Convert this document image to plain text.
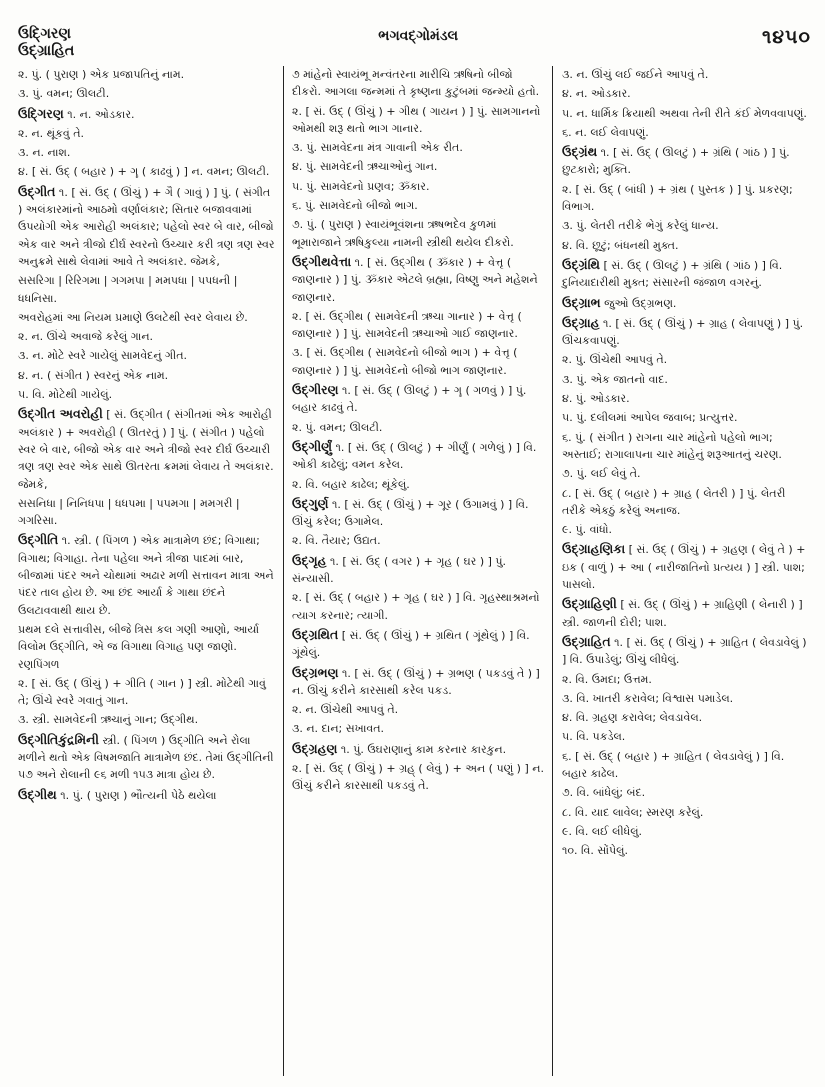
ઉદ્ગિરણ
ઉદ્ગ્રાહિત
ભગવદ્ગોમંડલ	૧૪૫૦

૨. પું. ( પુરાણ ) એક પ્રજાપતિનું નામ.

૩. પું. વમન; ઊલટી.

ઉદ્ગિરણ ૧. ન. ઓડકાર.

૨. ન. થૂંકવું તે.

૩. ન. નાશ.

૪. [ સં. ઉદ્ ( બહાર ) + ગૄ ( કાઢવું ) ] ન. વમન; ઊલટી.

ઉદ્ગીત ૧. [ સં. ઉદ્ ( ઊંચું ) + ગૈ ( ગાવું ) ] પું. ( સંગીત ) અલંકારમાંનો આઠમો વર્ણાલંકાર; સિતાર બજાવવામાં ઉપયોગી એક આરોહી અલંકાર; પહેલો સ્વર બે વાર, બીજો એક વાર અને ત્રીજો દીર્ઘ સ્વરનો ઉચ્ચાર કરી ત્રણ ત્રણ સ્વર અનુક્રમે સાથે લેવામાં આવે તે અલંકાર. જેમકે,

સસરિગા | રિરિગમા | ગગમપા | મમપધા | પપધની | ધધનિસા.

અવરોહમાં આ નિયમ પ્રમાણે ઉલટેથી સ્વર લેવાય છે.

૨. ન. ઊંચે અવાજે કરેલું ગાન.

૩. ન. મોટે સ્વરે ગાયેલું સામવેદનું ગીત.

૪. ન. ( સંગીત ) સ્વરનું એક નામ.

૫. વિ. મોટેથી ગાયેલું.

ઉદ્ગીત અવરોહી [ સં. ઉદ્ગીત ( સંગીતમાં એક આરોહી અલંકાર ) + અવરોહી ( ઊતરતું ) ] પું. ( સંગીત ) પહેલો સ્વર બે વાર, બીજો એક વાર અને ત્રીજો સ્વર દીર્ઘ ઉચ્ચારી ત્રણ ત્રણ સ્વર એક સાથે ઊતરતા ક્રમમાં લેવાય તે અલંકાર. જેમકે,

સસનિધા | નિનિધપા | ધધપમા | પપમગા | મમગરી | ગગરિસા.

ઉદ્ગીતિ ૧. સ્ત્રી. ( પિંગળ ) એક માત્રામેળ છંદ; વિગાથા; વિગાથ; વિગાહા. તેના પહેલા અને ત્રીજા પાદમાં બાર, બીજામાં પંદર અને ચોથામાં અઢાર મળી સત્તાવન માત્રા અને પંદર તાલ હોય છે. આ છંદ આર્યા કે ગાથા છંદને ઉલટાવવાથી થાય છે.

પ્રથમ દલે સત્તાવીસ, બીજે ત્રિસ કલ ગણી આણો, આર્યા વિલોમ ઉદ્ગીતિ, એ જ વિગાથા વિગાહ પણ જાણો. રણપિંગળ

૨. [ સં. ઉદ્ ( ઊંચું ) + ગીતિ ( ગાન ) ] સ્ત્રી. મોટેથી ગાવું તે; ઊંચે સ્વરે ગવાતું ગાન.

૩. સ્ત્રી. સામવેદની ઋચાનું ગાન; ઉદ્ગીથ.

ઉદ્ગીતિકુંદ્રમિની સ્ત્રી. ( પિંગળ ) ઉદ્ગીતિ અને રોલા મળીને થતો એક વિષમજાતિ માત્રામેળ છંદ. તેમાં ઉદ્ગીતિની ૫૭ અને રોલાની ૯૬ મળી ૧૫૩ માત્રા હોય છે.

ઉદ્ગીથ ૧. પું. ( પુરાણ ) ભૌત્યની પેઠે થયેલા

૭ માંહેનો સ્વાયંભૂ મન્વંતરના મારીચિ ઋષિનો બીજો દીકરો. આગલા જન્મમાં તે કૃષ્ણના કુટુંબમાં જન્મ્યો હતો.

૨. [ સં. ઉદ્ ( ઊંચું ) + ગીથ ( ગાયન ) ] પું. સામગાનનો ઓમથી શરૂ થતો ભાગ ગાનાર.

૩. પું. સામવેદના મંત્ર ગાવાની એક રીત.

૪. પું. સામવેદની ઋચાઓનું ગાન.

૫. પું. સામવેદનો પ્રણવ; ૐકાર.

૬. પું. સામવેદનો બીજો ભાગ.

૭. પું. ( પુરાણ ) સ્વાયંભૂવંશના ઋષભદેવ કુળમાં ભૂમારાજાને ઋષિકુલ્યા નામની સ્ત્રીથી થયેલ દીકરો.

ઉદ્ગીથવેત્તા ૧. [ સં. ઉદ્ગીથ ( ૐકાર ) + વેત્તૃ ( જાણનાર ) ] પું. ૐકાર એટલે બ્રહ્મા, વિષ્ણુ અને મહેશને જાણનાર.

૨. [ સં. ઉદ્ગીથ ( સામવેદની ઋચા ગાનાર ) + વેત્તૃ ( જાણનાર ) ] પું. સામવેદની ઋચાઓ ગાઈ જાણનાર.

૩. [ સં. ઉદ્ગીથ ( સામવેદનો બીજો ભાગ ) + વેત્તૃ ( જાણનાર ) ] પું. સામવેદનો બીજો ભાગ જાણનાર.

ઉદ્ગીરણ ૧. [ સં. ઉદ્ ( ઊલટું ) + ગૄ ( ગળવું ) ] પું. બહાર કાઢવું તે.

૨. પું. વમન; ઊલટી.

ઉદ્ગીર્ણું ૧. [ સં. ઉદ્ ( ઊલટું ) + ગીર્ણું ( ગળેલું ) ] વિ. ઓકી કાઢેલું; વમન કરેલ.

૨. વિ. બહાર કાઢેલ; થૂંકેલું.

ઉદ્ગુર્ણ ૧. [ સં. ઉદ્ ( ઊંચું ) + ગૂર ( ઉગામવું ) ] વિ. ઊંચું કરેલ; ઉગામેલ.

૨. વિ. તૈયાર; ઉદ્યત.

ઉદ્ગૃહ ૧. [ સં. ઉદ્ ( વગર ) + ગૃહ ( ઘર ) ] પું. સંન્યાસી.

૨. [ સં. ઉદ્ ( બહાર ) + ગૃહ ( ઘર ) ] વિ. ગૃહસ્થાશ્રમનો ત્યાગ કરનાર; ત્યાગી.

ઉદ્ગ્રથિત [ સં. ઉદ્ ( ઊંચું ) + ગ્રથિત ( ગૂંથેલું ) ] વિ. ગૂંથેલું.

ઉદ્ગ્રભણ ૧. [ સં. ઉદ્ ( ઊંચું ) + ગ્રભણ ( પકડવું તે ) ] ન. ઊંચું કરીને કારસાથી કરેલ પકડ.

૨. ન. ઊંચેથી આપવું તે.

૩. ન. દાન; સખાવત.

ઉદ્ગ્રહણ ૧. પું. ઉઘરાણાનું કામ કરનાર કારકુન.

૨. [ સં. ઉદ્ ( ઊંચું ) + ગ્રહ્ ( લેવું ) + અન ( પણું ) ] ન. ઊંચું કરીને કારસાથી પકડવું તે.

૩. ન. ઊંચું લઈ જઈને આપવું તે.

૪. ન. ઓડકાર.

૫. ન. ધાર્મિક ક્રિયાથી અથવા તેની રીતે કંઈ મેળવવાપણું.

૬. ન. લઈ લેવાપણું.

ઉદ્ગ્રંથ ૧. [ સં. ઉદ્ ( ઊલટું ) + ગ્રંથિ ( ગાંઠ ) ] પું. છુટકારો; મુક્તિ.

૨. [ સં. ઉદ્ ( બાંધી ) + ગ્રંથ ( પુસ્તક ) ] પું. પ્રકરણ; વિભાગ.

૩. પું. લેતરી તરીકે ભેગું કરેલું ધાન્ય.

૪. વિ. છૂટું; બંધનથી મુક્ત.

ઉદ્ગ્રંથિ [ સં. ઉદ્ ( ઊલટું ) + ગ્રંથિ ( ગાંઠ ) ] વિ. દુનિયાદારીથી મુક્ત; સંસારની જંજાળ વગરનું.

ઉદ્ગ્રાભ જુઓ ઉદ્ગ્રભણ.

ઉદ્ગ્રાહ ૧. [ સં. ઉદ્ ( ઊંચું ) + ગ્રાહ ( લેવાપણું ) ] પું. ઊંચકવાપણું.

૨. પું. ઊંચેથી આપવું તે.

૩. પું. એક જાતનો વાદ.

૪. પું. ઓડકાર.

૫. પું. દલીલમાં આપેલ જવાબ; પ્રત્યુત્તર.

૬. પું. ( સંગીત ) રાગના ચાર માંહેનો પહેલો ભાગ; અસ્તાઈ; રાગાલાપના ચાર માંહેનું શરૂઆતનું ચરણ.

૭. પું. લઈ લેવું તે.

૮. [ સં. ઉદ્ ( બહાર ) + ગ્રાહ ( લેતરી ) ] પું. લેતરી તરીકે એકઠું કરેલું અનાજ.

૯. પું. વાંધો.

ઉદ્ગ્રાહણિકા [ સં. ઉદ્ ( ઊંચું ) + ગ્રહણ ( લેવું તે ) + ઇક ( વાળું ) + આ ( નારીજાતિનો પ્રત્યય ) ] સ્ત્રી. પાશ; પાસલો.

ઉદ્ગ્રાહિણી [ સં. ઉદ્ ( ઊંચું ) + ગ્રાહિણી ( લેનારી ) ] સ્ત્રી. જાળની દોરી; પાશ.

ઉદ્ગ્રાહિત ૧. [ સં. ઉદ્ ( ઊંચું ) + ગ્રાહિત ( લેવડાવેલું ) ] વિ. ઉપાડેલું; ઊંચું લીધેલું.

૨. વિ. ઉમદા; ઉત્તમ.

૩. વિ. ખાતરી કરાવેલ; વિશ્વાસ પમાડેલ.

૪. વિ. ગ્રહણ કરાવેલ; લેવડાવેલ.

૫. વિ. પકડેલ.

૬. [ સં. ઉદ્ ( બહાર ) + ગ્રાહિત ( લેવડાવેલું ) ] વિ. બહાર કાઢેલ.

૭. વિ. બાંધેલું; બંદ.

૮. વિ. યાદ લાવેલ; સ્મરણ કરેલું.

૯. વિ. લઈ લીધેલું.

૧૦. વિ. સોંપેલું.
